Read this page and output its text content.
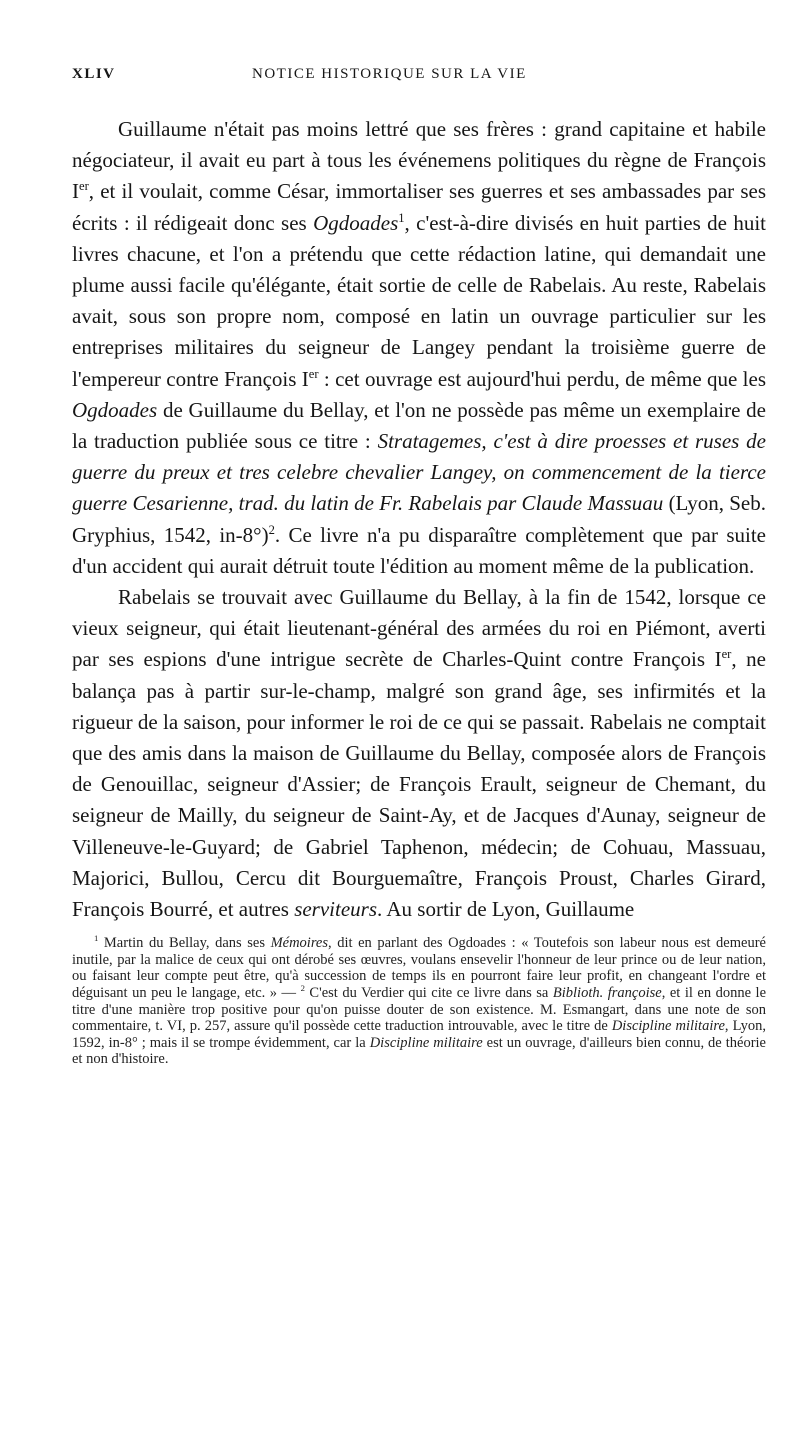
XLIV	NOTICE HISTORIQUE SUR LA VIE

Guillaume n'était pas moins lettré que ses frères : grand capitaine et habile négociateur, il avait eu part à tous les événemens politiques du règne de François Ier, et il voulait, comme César, immortaliser ses guerres et ses ambassades par ses écrits : il rédigeait donc ses Ogdoades$^1$, c'est-à-dire divisés en huit parties de huit livres chacune, et l'on a prétendu que cette rédaction latine, qui demandait une plume aussi facile qu'élégante, était sortie de celle de Rabelais. Au reste, Rabelais avait, sous son propre nom, composé en latin un ouvrage particulier sur les entreprises militaires du seigneur de Langey pendant la troisième guerre de l'empereur contre François Ier : cet ouvrage est aujourd'hui perdu, de même que les Ogdoades de Guillaume du Bellay, et l'on ne possède pas même un exemplaire de la traduction publiée sous ce titre : Stratagemes, c'est à dire proesses et ruses de guerre du preux et tres celebre chevalier Langey, on commencement de la tierce guerre Cesarienne, trad. du latin de Fr. Rabelais par Claude Massuau (Lyon, Seb. Gryphius, 1542, in-8°)$^2$. Ce livre n'a pu disparaître complètement que par suite d'un accident qui aurait détruit toute l'édition au moment même de la publication.

Rabelais se trouvait avec Guillaume du Bellay, à la fin de 1542, lorsque ce vieux seigneur, qui était lieutenant-général des armées du roi en Piémont, averti par ses espions d'une intrigue secrète de Charles-Quint contre François Ier, ne balança pas à partir sur-le-champ, malgré son grand âge, ses infirmités et la rigueur de la saison, pour informer le roi de ce qui se passait. Rabelais ne comptait que des amis dans la maison de Guillaume du Bellay, composée alors de François de Genouillac, seigneur d'Assier; de François Erault, seigneur de Chemant, du seigneur de Mailly, du seigneur de Saint-Ay, et de Jacques d'Aunay, seigneur de Villeneuve-le-Guyard; de Gabriel Taphenon, médecin; de Cohuau, Massuau, Majorici, Bullou, Cercu dit Bourguemaître, François Proust, Charles Girard, François Bourré, et autres serviteurs. Au sortir de Lyon, Guillaume

$^1$ Martin du Bellay, dans ses Mémoires, dit en parlant des Ogdoades : « Toutefois son labeur nous est demeuré inutile, par la malice de ceux qui ont dérobé ses œuvres, voulans ensevelir l'honneur de leur prince ou de leur nation, ou faisant leur compte peut être, qu'à succession de temps ils en pourront faire leur profit, en changeant l'ordre et déguisant un peu le langage, etc. » — $^2$ C'est du Verdier qui cite ce livre dans sa Biblioth. françoise, et il en donne le titre d'une manière trop positive pour qu'on puisse douter de son existence. M. Esmangart, dans une note de son commentaire, t. VI, p. 257, assure qu'il possède cette traduction introuvable, avec le titre de Discipline militaire, Lyon, 1592, in-8° ; mais il se trompe évidemment, car la Discipline militaire est un ouvrage, d'ailleurs bien connu, de théorie et non d'histoire.
